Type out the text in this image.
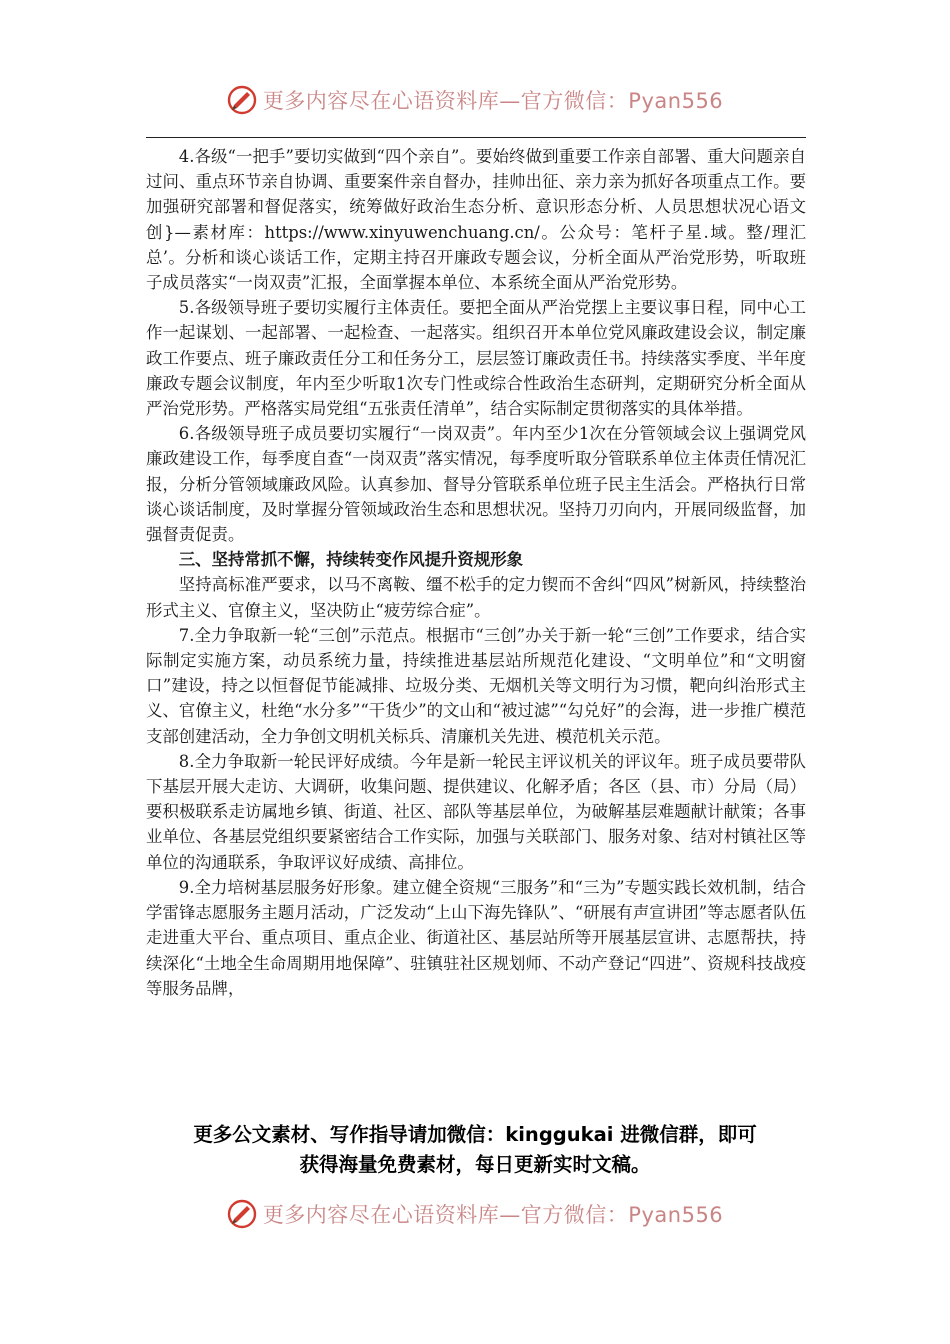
更多内容尽在心语资料库—官方微信：Pyan556

4.各级“一把手”要切实做到“四个亲自”。要始终做到重要工作亲自部署、重大问题亲自过问、重点环节亲自协调、重要案件亲自督办，挂帅出征、亲力亲为抓好各项重点工作。要加强研究部署和督促落实，统筹做好政治生态分析、意识形态分析、人员思想状况心语文创}—素材库：https://www.xinyuwenchuang.cn/。公众号：笔杆子星.域。整/理汇总’。分析和谈心谈话工作，定期主持召开廉政专题会议，分析全面从严治党形势，听取班子成员落实“一岗双责”汇报，全面掌握本单位、本系统全面从严治党形势。

5.各级领导班子要切实履行主体责任。要把全面从严治党摆上主要议事日程，同中心工作一起谋划、一起部署、一起检查、一起落实。组织召开本单位党风廉政建设会议，制定廉政工作要点、班子廉政责任分工和任务分工，层层签订廉政责任书。持续落实季度、半年度廉政专题会议制度，年内至少听取1次专门性或综合性政治生态研判，定期研究分析全面从严治党形势。严格落实局党组“五张责任清单”，结合实际制定贯彻落实的具体举措。

6.各级领导班子成员要切实履行“一岗双责”。年内至少1次在分管领域会议上强调党风廉政建设工作，每季度自查“一岗双责”落实情况，每季度听取分管联系单位主体责任情况汇报，分析分管领域廉政风险。认真参加、督导分管联系单位班子民主生活会。严格执行日常谈心谈话制度，及时掌握分管领域政治生态和思想状况。坚持刀刃向内，开展同级监督，加强督责促责。

三、坚持常抓不懈，持续转变作风提升资规形象

坚持高标准严要求，以马不离鞍、缰不松手的定力锲而不舍纠“四风”树新风，持续整治形式主义、官僚主义，坚决防止“疲劳综合症”。

7.全力争取新一轮“三创”示范点。根据市“三创”办关于新一轮“三创”工作要求，结合实际制定实施方案，动员系统力量，持续推进基层站所规范化建设、“文明单位”和“文明窗口”建设，持之以恒督促节能减排、垃圾分类、无烟机关等文明行为习惯，靶向纠治形式主义、官僚主义，杜绝“水分多”“干货少”的文山和“被过滤”“勾兑好”的会海，进一步推广模范支部创建活动，全力争创文明机关标兵、清廉机关先进、模范机关示范。

8.全力争取新一轮民评好成绩。今年是新一轮民主评议机关的评议年。班子成员要带队下基层开展大走访、大调研，收集问题、提供建议、化解矛盾；各区（县、市）分局（局）要积极联系走访属地乡镇、街道、社区、部队等基层单位，为破解基层难题献计献策；各事业单位、各基层党组织要紧密结合工作实际，加强与关联部门、服务对象、结对村镇社区等单位的沟通联系，争取评议好成绩、高排位。

9.全力培树基层服务好形象。建立健全资规“三服务”和“三为”专题实践长效机制，结合学雷锋志愿服务主题月活动，广泛发动“上山下海先锋队”、“研展有声宣讲团”等志愿者队伍走进重大平台、重点项目、重点企业、街道社区、基层站所等开展基层宣讲、志愿帮扶，持续深化“土地全生命周期用地保障”、驻镇驻社区规划师、不动产登记“四进”、资规科技战疫等服务品牌，

更多公文素材、写作指导请加微信：kinggukai 进微信群，即可
获得海量免费素材，每日更新实时文稿。
更多内容尽在心语资料库—官方微信：Pyan556
